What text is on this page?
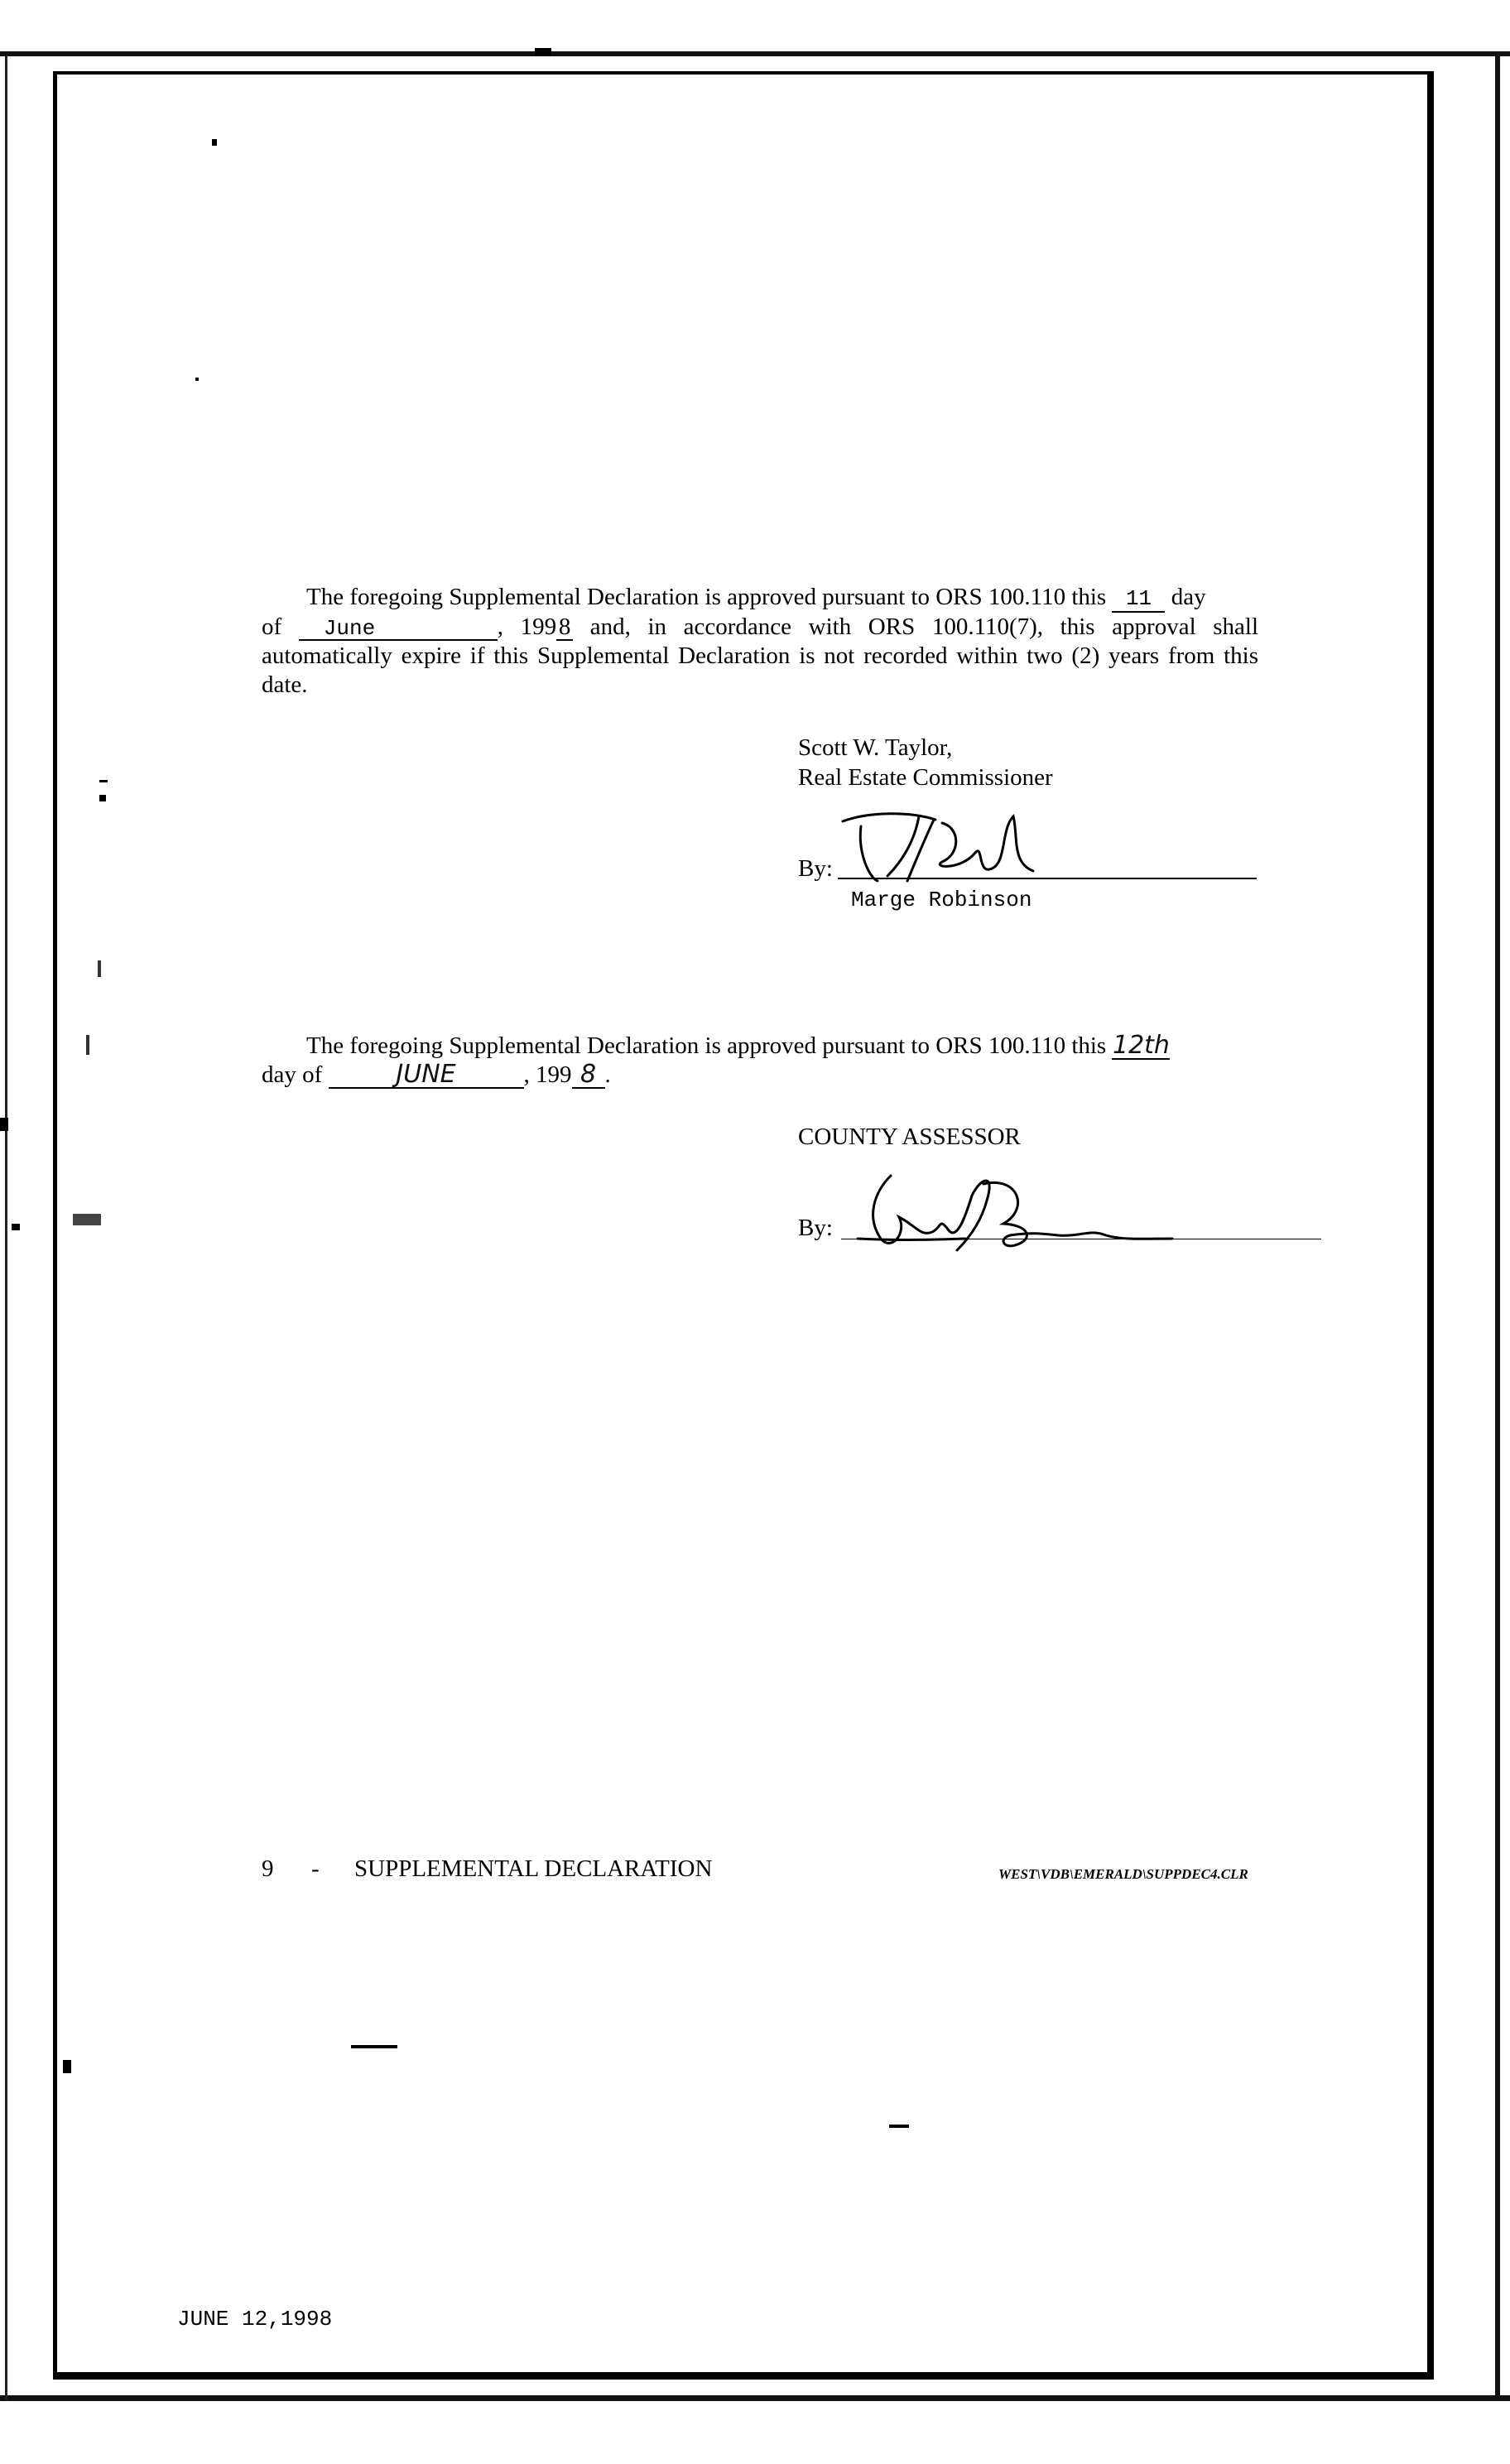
The foregoing Supplemental Declaration is approved pursuant to ORS 100.110 this 11 day
of June	, 1998 and, in accordance with ORS 100.110(7), this approval shall automatically expire if this Supplemental Declaration is not recorded within two (2) years from this date.
Scott W. Taylor,
Real Estate Commissioner
By:
Marge Robinson
The foregoing Supplemental Declaration is approved pursuant to ORS 100.110 this 12th
day of	JUNE	, 199 8 .
COUNTY ASSESSOR
By:
9 - SUPPLEMENTAL DECLARATION	WEST\VDB\EMERALD\SUPPDEC4.CLR
JUNE 12,1998
